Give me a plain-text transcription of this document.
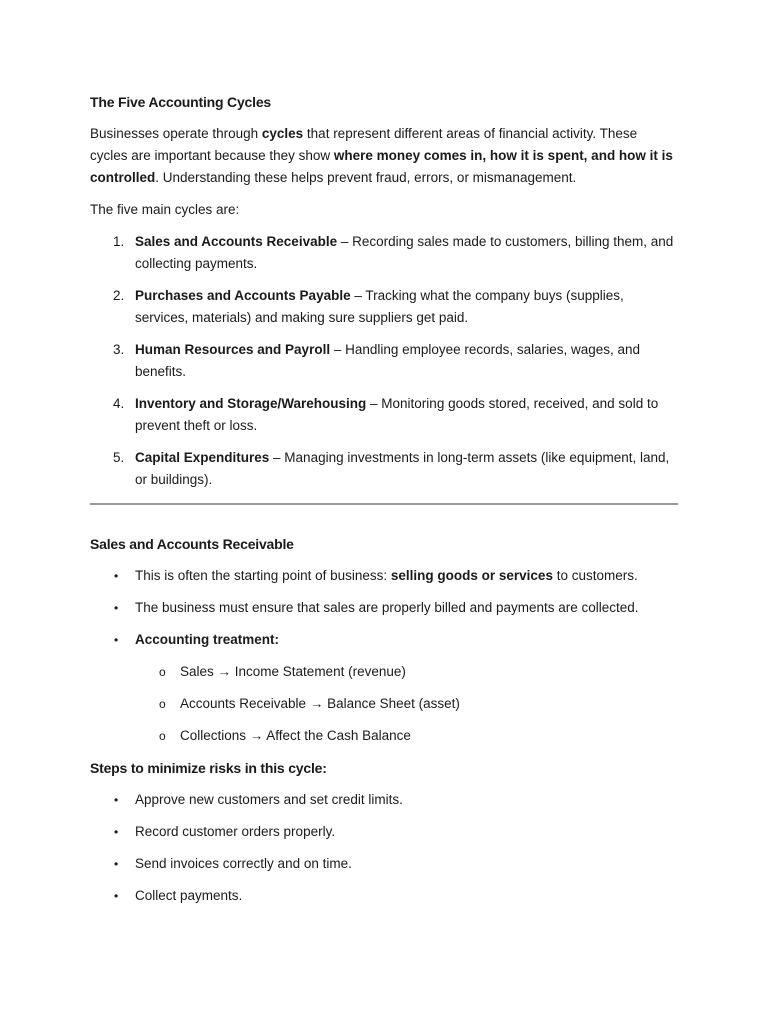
The Five Accounting Cycles

Businesses operate through cycles that represent different areas of financial activity. These cycles are important because they show where money comes in, how it is spent, and how it is controlled. Understanding these helps prevent fraud, errors, or mismanagement.

The five main cycles are:

1. Sales and Accounts Receivable – Recording sales made to customers, billing them, and collecting payments.
2. Purchases and Accounts Payable – Tracking what the company buys (supplies, services, materials) and making sure suppliers get paid.
3. Human Resources and Payroll – Handling employee records, salaries, wages, and benefits.
4. Inventory and Storage/Warehousing – Monitoring goods stored, received, and sold to prevent theft or loss.
5. Capital Expenditures – Managing investments in long-term assets (like equipment, land, or buildings).
Sales and Accounts Receivable
• This is often the starting point of business: selling goods or services to customers.
• The business must ensure that sales are properly billed and payments are collected.
• Accounting treatment:
o Sales → Income Statement (revenue)
o Accounts Receivable → Balance Sheet (asset)
o Collections → Affect the Cash Balance
Steps to minimize risks in this cycle:
• Approve new customers and set credit limits.
• Record customer orders properly.
• Send invoices correctly and on time.
• Collect payments.
